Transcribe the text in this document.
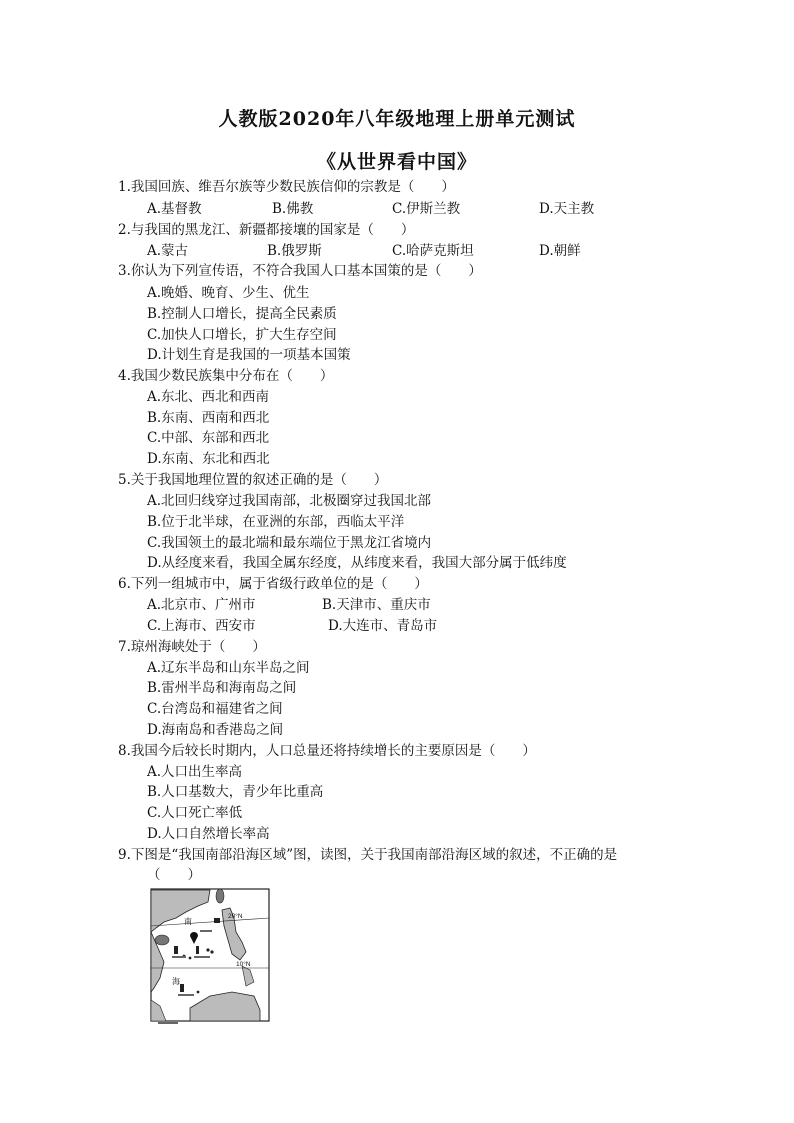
人教版2020年八年级地理上册单元测试
《从世界看中国》
1.我国回族、维吾尔族等少数民族信仰的宗教是（　　）
A.基督教	B.佛教	C.伊斯兰教	D.天主教
2.与我国的黑龙江、新疆都接壤的国家是（　　）
A.蒙古	B.俄罗斯	C.哈萨克斯坦	D.朝鲜
3.你认为下列宣传语，不符合我国人口基本国策的是（　　）
A.晚婚、晚育、少生、优生
B.控制人口增长，提高全民素质
C.加快人口增长，扩大生存空间
D.计划生育是我国的一项基本国策
4.我国少数民族集中分布在（　　）
A.东北、西北和西南
B.东南、西南和西北
C.中部、东部和西北
D.东南、东北和西北
5.关于我国地理位置的叙述正确的是（　　）
A.北回归线穿过我国南部，北极圈穿过我国北部
B.位于北半球，在亚洲的东部，西临太平洋
C.我国领土的最北端和最东端位于黑龙江省境内
D.从经度来看，我国全属东经度，从纬度来看，我国大部分属于低纬度
6.下列一组城市中，属于省级行政单位的是（　　）
A.北京市、广州市	B.天津市、重庆市
C.上海市、西安市	D.大连市、青岛市
7.琼州海峡处于（　　）
A.辽东半岛和山东半岛之间
B.雷州半岛和海南岛之间
C.台湾岛和福建省之间
D.海南岛和香港岛之间
8.我国今后较长时期内，人口总量还将持续增长的主要原因是（　　）
A.人口出生率高
B.人口基数大，青少年比重高
C.人口死亡率低
D.人口自然增长率高
9.下图是“我国南部沿海区域”图，读图，关于我国南部沿海区域的叙述，不正确的是
（　　）
20°N
10°N
南
海
